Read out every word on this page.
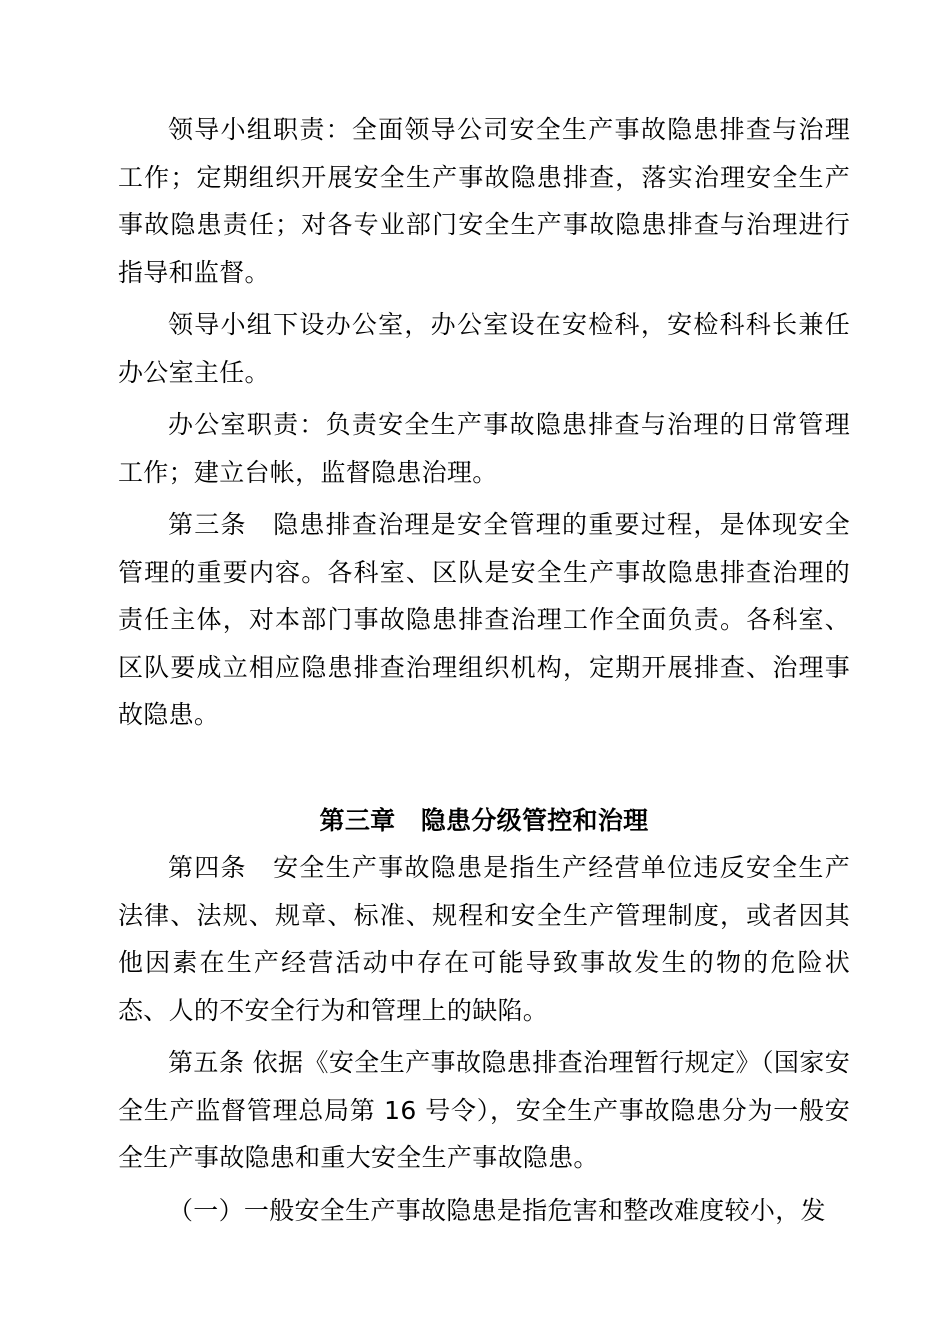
领导小组职责：全面领导公司安全生产事故隐患排查与治理工作；定期组织开展安全生产事故隐患排查，落实治理安全生产事故隐患责任；对各专业部门安全生产事故隐患排查与治理进行指导和监督。

领导小组下设办公室，办公室设在安检科，安检科科长兼任办公室主任。

办公室职责：负责安全生产事故隐患排查与治理的日常管理工作；建立台帐，监督隐患治理。

第三条　隐患排查治理是安全管理的重要过程，是体现安全管理的重要内容。各科室、区队是安全生产事故隐患排查治理的责任主体，对本部门事故隐患排查治理工作全面负责。各科室、区队要成立相应隐患排查治理组织机构，定期开展排查、治理事故隐患。

第三章　隐患分级管控和治理

第四条　安全生产事故隐患是指生产经营单位违反安全生产法律、法规、规章、标准、规程和安全生产管理制度，或者因其他因素在生产经营活动中存在可能导致事故发生的物的危险状态、人的不安全行为和管理上的缺陷。

第五条 依据《安全生产事故隐患排查治理暂行规定》（国家安全生产监督管理总局第 16 号令），安全生产事故隐患分为一般安全生产事故隐患和重大安全生产事故隐患。

（一）一般安全生产事故隐患是指危害和整改难度较小，发
